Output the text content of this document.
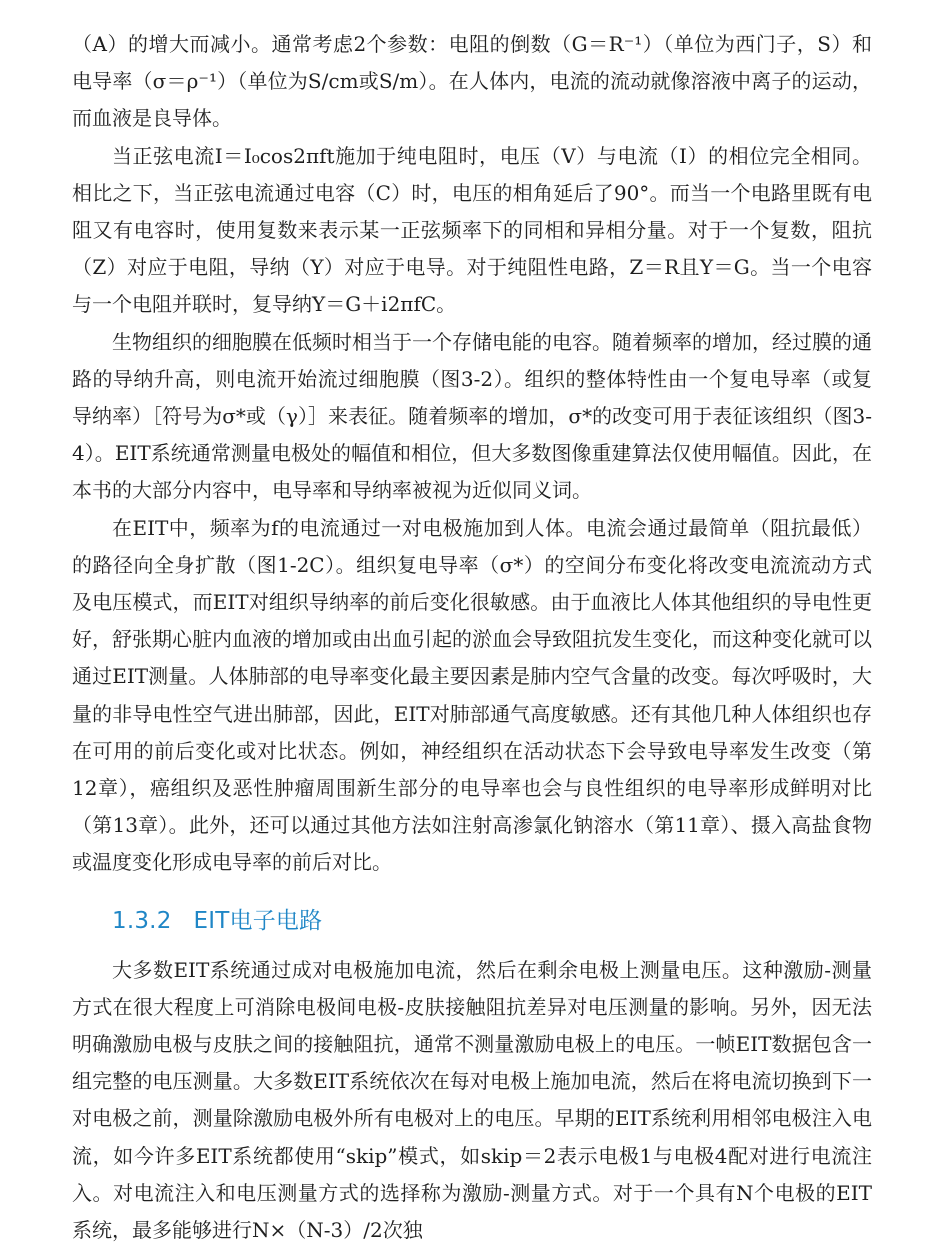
（A）的增大而减小。通常考虑2个参数：电阻的倒数（G＝R⁻¹）（单位为西门子，S）和电导率（σ＝ρ⁻¹）（单位为S/cm或S/m）。在人体内，电流的流动就像溶液中离子的运动，而血液是良导体。

当正弦电流I＝I₀cos2πft施加于纯电阻时，电压（V）与电流（I）的相位完全相同。相比之下，当正弦电流通过电容（C）时，电压的相角延后了90°。而当一个电路里既有电阻又有电容时，使用复数来表示某一正弦频率下的同相和异相分量。对于一个复数，阻抗（Z）对应于电阻，导纳（Y）对应于电导。对于纯阻性电路，Z＝R且Y＝G。当一个电容与一个电阻并联时，复导纳Y＝G＋i2πfC。

生物组织的细胞膜在低频时相当于一个存储电能的电容。随着频率的增加，经过膜的通路的导纳升高，则电流开始流过细胞膜（图3-2）。组织的整体特性由一个复电导率（或复导纳率）［符号为σ*或（γ）］来表征。随着频率的增加，σ*的改变可用于表征该组织（图3-4）。EIT系统通常测量电极处的幅值和相位，但大多数图像重建算法仅使用幅值。因此，在本书的大部分内容中，电导率和导纳率被视为近似同义词。

在EIT中，频率为f的电流通过一对电极施加到人体。电流会通过最简单（阻抗最低）的路径向全身扩散（图1-2C）。组织复电导率（σ*）的空间分布变化将改变电流流动方式及电压模式，而EIT对组织导纳率的前后变化很敏感。由于血液比人体其他组织的导电性更好，舒张期心脏内血液的增加或由出血引起的淤血会导致阻抗发生变化，而这种变化就可以通过EIT测量。人体肺部的电导率变化最主要因素是肺内空气含量的改变。每次呼吸时，大量的非导电性空气进出肺部，因此，EIT对肺部通气高度敏感。还有其他几种人体组织也存在可用的前后变化或对比状态。例如，神经组织在活动状态下会导致电导率发生改变（第12章），癌组织及恶性肿瘤周围新生部分的电导率也会与良性组织的电导率形成鲜明对比（第13章）。此外，还可以通过其他方法如注射高渗氯化钠溶水（第11章）、摄入高盐食物或温度变化形成电导率的前后对比。

1.3.2 EIT电子电路

大多数EIT系统通过成对电极施加电流，然后在剩余电极上测量电压。这种激励-测量方式在很大程度上可消除电极间电极-皮肤接触阻抗差异对电压测量的影响。另外，因无法明确激励电极与皮肤之间的接触阻抗，通常不测量激励电极上的电压。一帧EIT数据包含一组完整的电压测量。大多数EIT系统依次在每对电极上施加电流，然后在将电流切换到下一对电极之前，测量除激励电极外所有电极对上的电压。早期的EIT系统利用相邻电极注入电流，如今许多EIT系统都使用“skip”模式，如skip＝2表示电极1与电极4配对进行电流注入。对电流注入和电压测量方式的选择称为激励-测量方式。对于一个具有N个电极的EIT系统，最多能够进行N×（N-3）/2次独
